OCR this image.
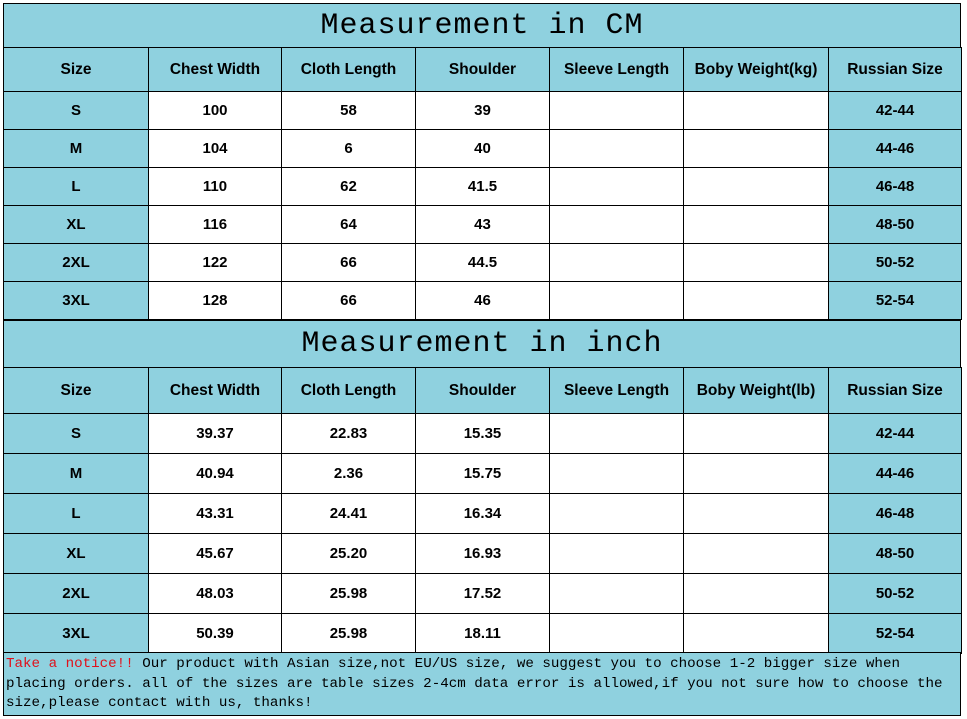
Measurement in CM
Size	Chest Width	Cloth Length	Shoulder	Sleeve Length	Boby Weight(kg)	Russian Size
S	100	58	39			42-44
M	104	6	40			44-46
L	110	62	41.5			46-48
XL	116	64	43			48-50
2XL	122	66	44.5			50-52
3XL	128	66	46			52-54
Measurement in inch
Size	Chest Width	Cloth Length	Shoulder	Sleeve Length	Boby Weight(lb)	Russian Size
S	39.37	22.83	15.35			42-44
M	40.94	2.36	15.75			44-46
L	43.31	24.41	16.34			46-48
XL	45.67	25.20	16.93			48-50
2XL	48.03	25.98	17.52			50-52
3XL	50.39	25.98	18.11			52-54
Take a notice!! Our product with Asian size,not EU/US size, we suggest you to choose 1-2 bigger size when placing orders. all of the sizes are table sizes 2-4cm data error is allowed,if you not sure how to choose the size,please contact with us, thanks!
